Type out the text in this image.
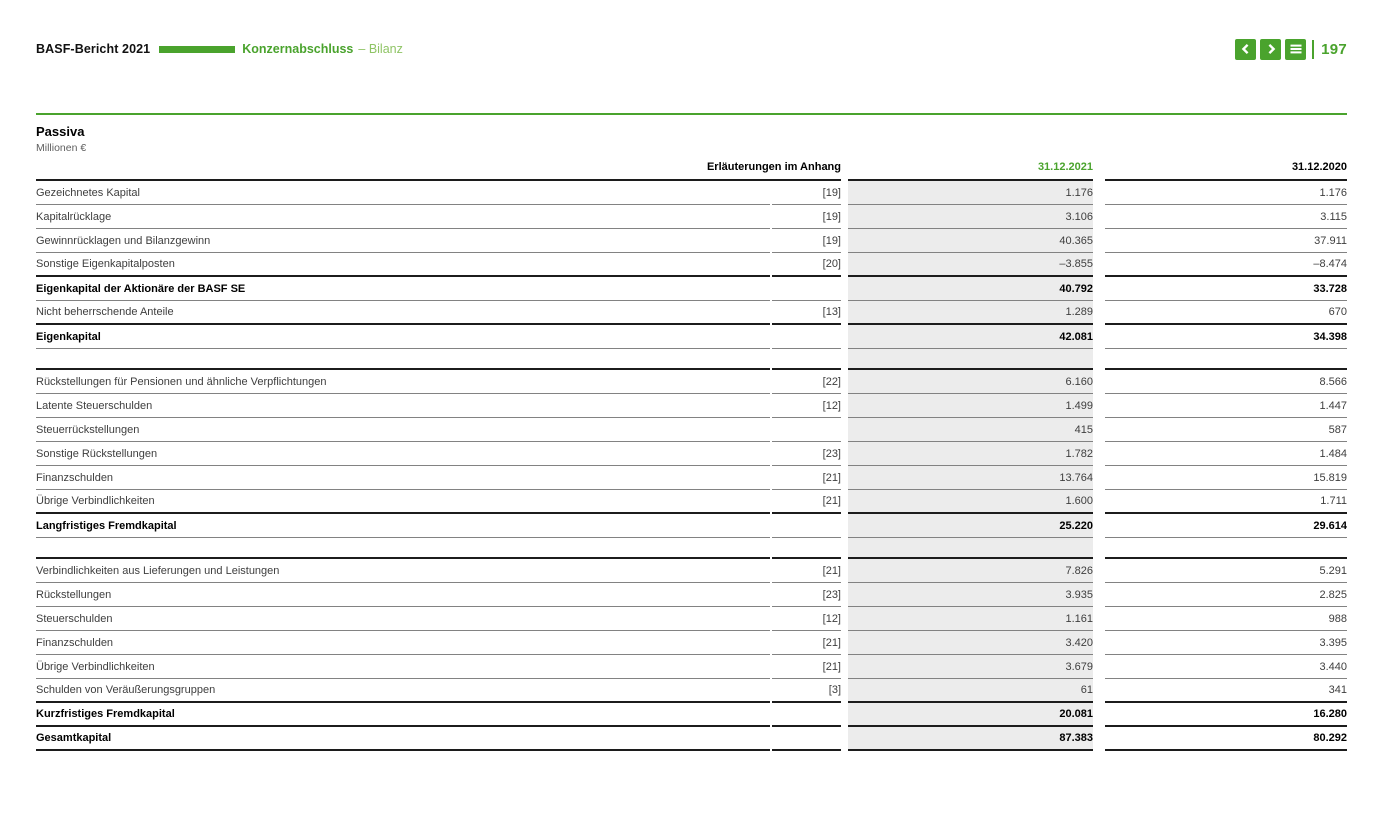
BASF-Bericht 2021	Konzernabschluss – Bilanz	197
Passiva
Millionen €
Erläuterungen im Anhang				31.12.2021		31.12.2020
Gezeichnetes Kapital		[19]		1.176		1.176
Kapitalrücklage		[19]		3.106		3.115
Gewinnrücklagen und Bilanzgewinn		[19]		40.365		37.911
Sonstige Eigenkapitalposten		[20]		–3.855		–8.474
Eigenkapital der Aktionäre der BASF SE				40.792		33.728
Nicht beherrschende Anteile		[13]		1.289		670
Eigenkapital				42.081		34.398

Rückstellungen für Pensionen und ähnliche Verpflichtungen		[22]		6.160		8.566
Latente Steuerschulden		[12]		1.499		1.447
Steuerrückstellungen				415		587
Sonstige Rückstellungen		[23]		1.782		1.484
Finanzschulden		[21]		13.764		15.819
Übrige Verbindlichkeiten		[21]		1.600		1.711
Langfristiges Fremdkapital				25.220		29.614

Verbindlichkeiten aus Lieferungen und Leistungen		[21]		7.826		5.291
Rückstellungen		[23]		3.935		2.825
Steuerschulden		[12]		1.161		988
Finanzschulden		[21]		3.420		3.395
Übrige Verbindlichkeiten		[21]		3.679		3.440
Schulden von Veräußerungsgruppen		[3]		61		341
Kurzfristiges Fremdkapital				20.081		16.280
Gesamtkapital				87.383		80.292
